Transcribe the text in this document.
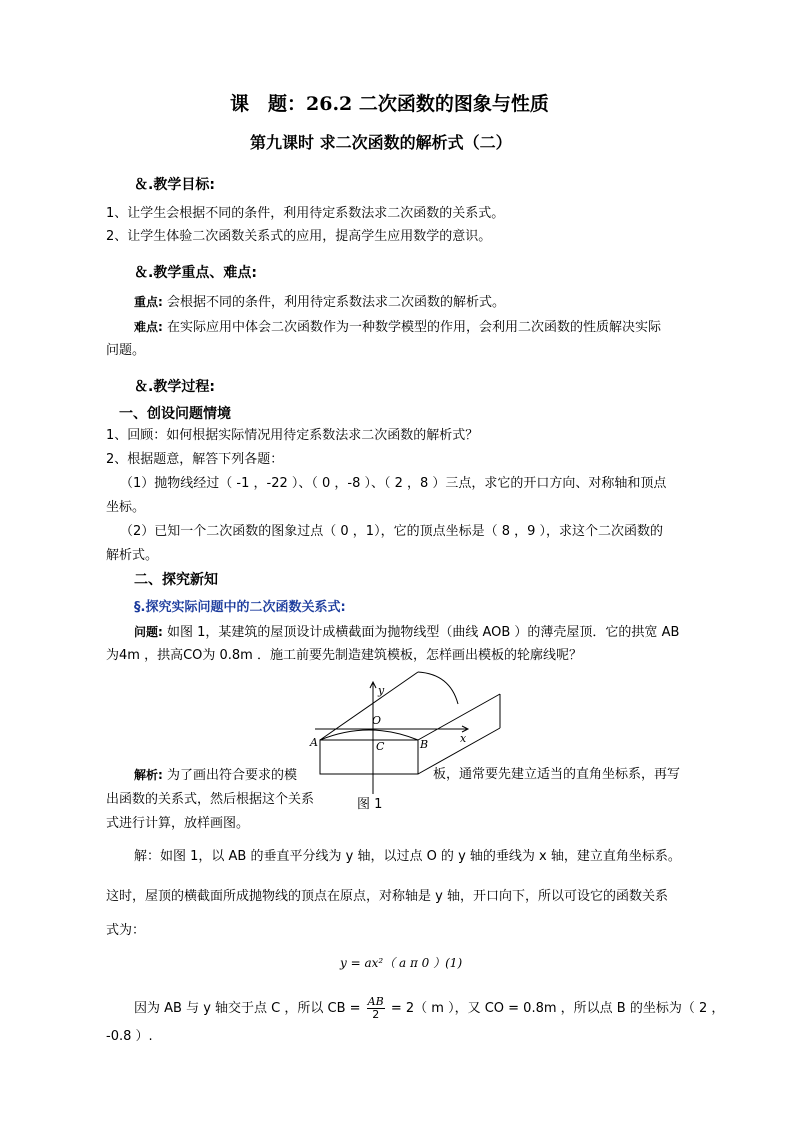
课　题：26.2 二次函数的图象与性质
第九课时 求二次函数的解析式（二）
＆.教学目标:
1、让学生会根据不同的条件，利用待定系数法求二次函数的关系式。
2、让学生体验二次函数关系式的应用，提高学生应用数学的意识。
＆.教学重点、难点:
重点: 会根据不同的条件，利用待定系数法求二次函数的解析式。
难点: 在实际应用中体会二次函数作为一种数学模型的作用，会利用二次函数的性质解决实际
问题。
＆.教学过程:
一、创设问题情境
1、回顾：如何根据实际情况用待定系数法求二次函数的解析式？
2、根据题意，解答下列各题：
（1）抛物线经过（ -1 ，-22 ）、（ 0 ，-8 ）、（ 2 ，8 ）三点，求它的开口方向、对称轴和顶点
坐标。
（2）已知一个二次函数的图象过点（ 0 ，1），它的顶点坐标是（ 8 ，9 ），求这个二次函数的
解析式。
二、探究新知
§.探究实际问题中的二次函数关系式:
问题: 如图 1，某建筑的屋顶设计成横截面为抛物线型（曲线 AOB ）的薄壳屋顶．它的拱宽 AB
为4m ，拱高CO为 0.8m ．施工前要先制造建筑模板，怎样画出模板的轮廓线呢？
y
x
O
A	B
C
解析: 为了画出符合要求的模	板，通常要先建立适当的直角坐标系，再写
出函数的关系式，然后根据这个关系	图 1
式进行计算，放样画图。
解：如图 1，以 AB 的垂直平分线为 y 轴，以过点 O 的 y 轴的垂线为 x 轴，建立直角坐标系。
这时，屋顶的横截面所成抛物线的顶点在原点，对称轴是 y 轴，开口向下，所以可设它的函数关系
式为：
y = ax²（ a π 0 ）(1)
因为 AB 与 y 轴交于点 C ，所以 CB = $\frac{AB}{2} = 2$（ m ），又 CO = 0.8m ，所以点 B 的坐标为（ 2 ，
-0.8 ）.
